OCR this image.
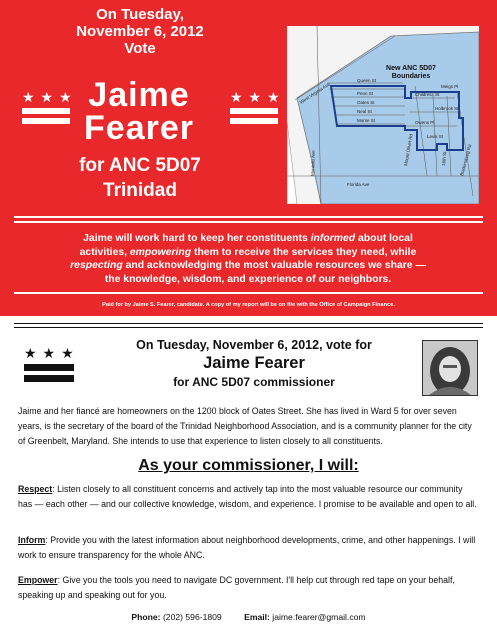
On Tuesday,
November 6, 2012
Vote
★★★	★★★
Jaime
Fearer
for ANC 5D07
Trinidad
New ANC 5D07
Boundaries
West Virginia Ave
Queen St
Penn St
Oates St
Neal St
Morse St	Owens Pl
Childress St
Holbrook St
Meigs Pl
Mount Olivet Rd	16th St
Levis St
Bladensburg Rd
Montello Ave
Florida Ave
Jaime will work hard to keep her constituents informed about local activities, empowering them to receive the services they need, while respecting and acknowledging the most valuable resources we share — the knowledge, wisdom, and experience of our neighbors.
Paid for by Jaime S. Fearer, candidate. A copy of my report will be on file with the Office of Campaign Finance.
★★★	On Tuesday, November 6, 2012, vote for
Jaime Fearer
for ANC 5D07 commissioner
Jaime and her fiancé are homeowners on the 1200 block of Oates Street. She has lived in Ward 5 for over seven years, is the secretary of the board of the Trinidad Neighborhood Association, and is a community planner for the city of Greenbelt, Maryland. She intends to use that experience to listen closely to all constituents.
As your commissioner, I will:
Respect: Listen closely to all constituent concerns and actively tap into the most valuable resource our community has — each other — and our collective knowledge, wisdom, and experience. I promise to be available and open to all.
Inform: Provide you with the latest information about neighborhood developments, crime, and other happenings. I will work to ensure transparency for the whole ANC.
Empower: Give you the tools you need to navigate DC government. I'll help cut through red tape on your behalf, speaking up and speaking out for you.
Phone: (202) 596-1809	Email: jaime.fearer@gmail.com
